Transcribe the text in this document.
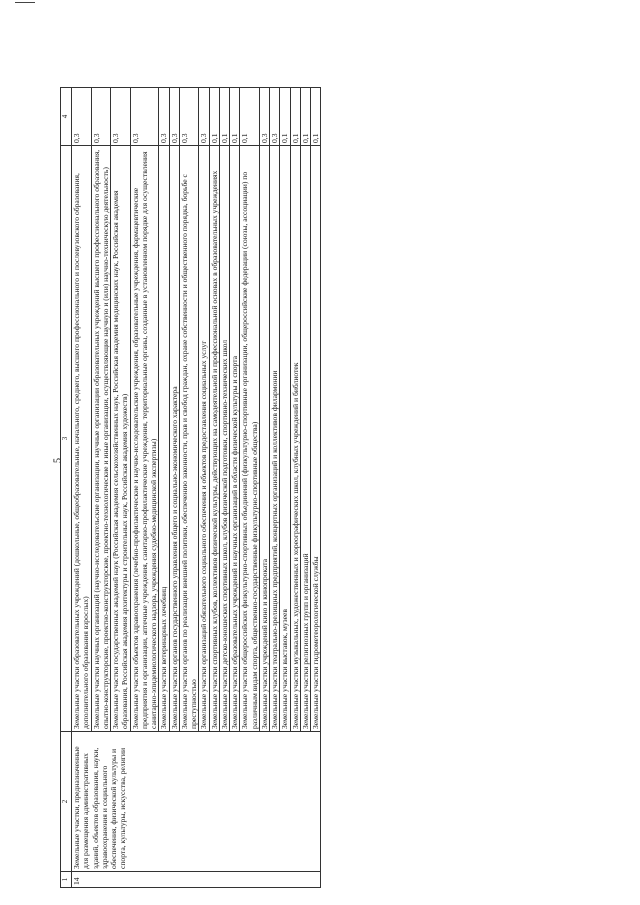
5
1	2	3	4
14	Земельные участки, предназначенные для размещения административных зданий, объектов образования, науки, здравоохранения и социального обеспечения, физической культуры и спорта, культуры, искусства, религии	Земельные участки образовательных учреждений (дошкольные, общеобразовательные, начального, среднего, высшего профессионального и послевузовского образования, дополнительного образования взрослых)	0,3
		Земельные участки научных организаций (научно-исследовательские организации, научные организации образовательных учреждений высшего профессионального образования, опытно-конструкторские, проектно-конструкторские, проектно-технологические и иные организации, осуществляющие научную и (или) научно-техническую деятельность)	0,3
		Земельные участки государственных академий наук (Российская академия сельскохозяйственных наук, Российская академия медицинских наук, Российская академия образования, Российская академия архитектуры и строительных наук, Российская академия художеств)	0,3
		Земельные участки объектов здравоохранения (лечебно-профилактические и научно-исследовательские учреждения, образовательные учреждения, фармацевтические предприятия и организации, аптечные учреждения, санитарно-профилактические учреждения, территориальные органы, созданные в установленном порядке для осуществления санитарно-эпидемиологического надзора, учреждения судебно-медицинской экспертизы)	0,3
		Земельные участки ветеринарных лечебниц	0,3
		Земельные участки органов государственного управления общего и социально-экономического характера	0,3
		Земельные участки органов по реализации внешней политики, обеспечению законности, прав и свобод граждан, охране собственности и общественного порядка, борьбе с преступностью	0,3
		Земельные участки организаций обязательного социального обеспечения и объектов предоставления социальных услуг	0,3
		Земельные участки спортивных клубов, коллективов физической культуры, действующих на самодеятельной и профессиональной основах в образовательных учреждениях	0,1
		Земельные участки детско-юношеских спортивных школ, клубов физической подготовки, спортивно-технических школ	0,1
		Земельные участки образовательных учреждений и научных организаций в области физической культуры и спорта	0,1
		Земельные участки общероссийских физкультурно-спортивных объединений (физкультурно-спортивные организации, общероссийские федерации (союзы, ассоциации) по различным видам спорта, общественно-государственные физкультурно-спортивные общества)	0,1
		Земельные участки учреждений кино и кинопроката	0,3
		Земельные участки театрально-зрелищных предприятий, концертных организаций и коллективов филармонии	0,3
		Земельные участки выставок, музеев	0,1
		Земельные участки музыкальных, художественных и хореографических школ, клубных учреждений и библиотек	0,1
		Земельные участки религиозных групп и организаций	0,1
		Земельные участки гидрометеорологической службы	0,1
